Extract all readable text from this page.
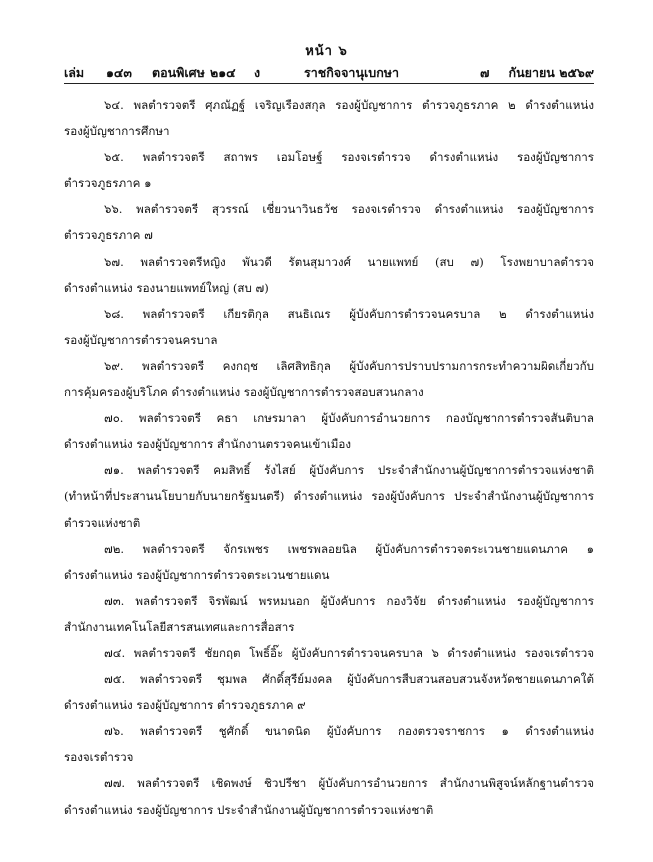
หน้า ๖
เล่ม ๑๔๓ ตอนพิเศษ ๒๑๔ ง	ราชกิจจานุเบกษา	๗ กันยายน ๒๕๖๙

๖๔. พลตำรวจตรี ศุภณัฏฐ์ เจริญเรืองสกุล รองผู้บัญชาการ ตำรวจภูธรภาค ๒ ดำรงตำแหน่ง
รองผู้บัญชาการศึกษา

๖๕. พลตำรวจตรี สถาพร เอมโอษฐ์ รองจเรตำรวจ ดำรงตำแหน่ง รองผู้บัญชาการ
ตำรวจภูธรภาค ๑

๖๖. พลตำรวจตรี สุวรรณ์ เชี่ยวนาวินธวัช รองจเรตำรวจ ดำรงตำแหน่ง รองผู้บัญชาการ
ตำรวจภูธรภาค ๗

๖๗. พลตำรวจตรีหญิง พันวดี รัตนสุมาวงศ์ นายแพทย์ (สบ ๗) โรงพยาบาลตำรวจ
ดำรงตำแหน่ง รองนายแพทย์ใหญ่ (สบ ๗)

๖๘. พลตำรวจตรี เกียรติกุล สนธิเณร ผู้บังคับการตำรวจนครบาล ๒ ดำรงตำแหน่ง
รองผู้บัญชาการตำรวจนครบาล

๖๙. พลตำรวจตรี คงกฤช เลิศสิทธิกุล ผู้บังคับการปราบปรามการกระทำความผิดเกี่ยวกับ
การคุ้มครองผู้บริโภค ดำรงตำแหน่ง รองผู้บัญชาการตำรวจสอบสวนกลาง

๗๐. พลตำรวจตรี คธา เกษรมาลา ผู้บังคับการอำนวยการ กองบัญชาการตำรวจสันติบาล
ดำรงตำแหน่ง รองผู้บัญชาการ สำนักงานตรวจคนเข้าเมือง

๗๑. พลตำรวจตรี คมสิทธิ์ รังไสย์ ผู้บังคับการ ประจำสำนักงานผู้บัญชาการตำรวจแห่งชาติ
(ทำหน้าที่ประสานนโยบายกับนายกรัฐมนตรี) ดำรงตำแหน่ง รองผู้บังคับการ ประจำสำนักงานผู้บัญชาการ
ตำรวจแห่งชาติ

๗๒. พลตำรวจตรี จักรเพชร เพชรพลอยนิล ผู้บังคับการตำรวจตระเวนชายแดนภาค ๑
ดำรงตำแหน่ง รองผู้บัญชาการตำรวจตระเวนชายแดน

๗๓. พลตำรวจตรี จิรพัฒน์ พรหมนอก ผู้บังคับการ กองวิจัย ดำรงตำแหน่ง รองผู้บัญชาการ
สำนักงานเทคโนโลยีสารสนเทศและการสื่อสาร

๗๔. พลตำรวจตรี ชัยกฤต โพธิ์อิ๊ะ ผู้บังคับการตำรวจนครบาล ๖ ดำรงตำแหน่ง รองจเรตำรวจ

๗๕. พลตำรวจตรี ชุมพล ศักดิ์สุรีย์มงคล ผู้บังคับการสืบสวนสอบสวนจังหวัดชายแดนภาคใต้
ดำรงตำแหน่ง รองผู้บัญชาการ ตำรวจภูธรภาค ๙

๗๖. พลตำรวจตรี ชูศักดิ์ ขนาดนิด ผู้บังคับการ กองตรวจราชการ ๑ ดำรงตำแหน่ง
รองจเรตำรวจ

๗๗. พลตำรวจตรี เชิดพงษ์ ชิวปรีชา ผู้บังคับการอำนวยการ สำนักงานพิสูจน์หลักฐานตำรวจ
ดำรงตำแหน่ง รองผู้บัญชาการ ประจำสำนักงานผู้บัญชาการตำรวจแห่งชาติ
